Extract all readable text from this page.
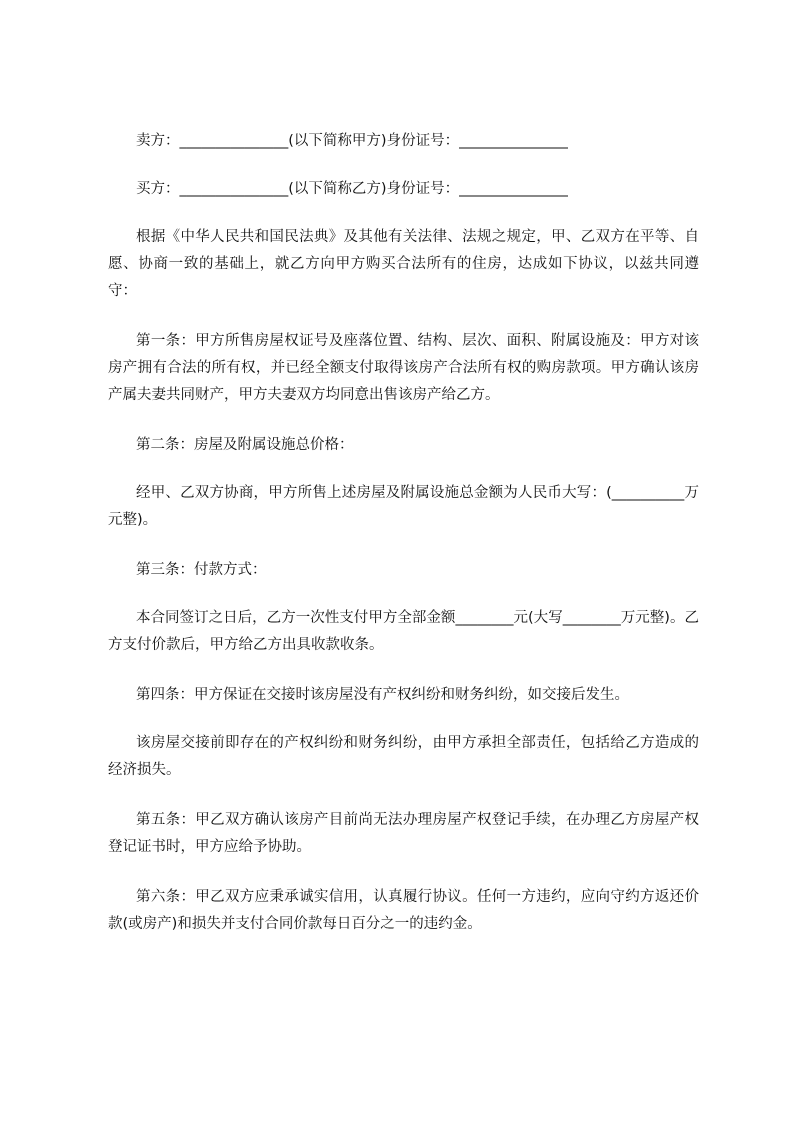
卖方：_______________(以下简称甲方)身份证号：_______________

买方：_______________(以下简称乙方)身份证号：_______________

根据《中华人民共和国民法典》及其他有关法律、法规之规定，甲、乙双方在平等、自愿、协商一致的基础上，就乙方向甲方购买合法所有的住房，达成如下协议，以兹共同遵守：

第一条：甲方所售房屋权证号及座落位置、结构、层次、面积、附属设施及：甲方对该房产拥有合法的所有权，并已经全额支付取得该房产合法所有权的购房款项。甲方确认该房产属夫妻共同财产，甲方夫妻双方均同意出售该房产给乙方。

第二条：房屋及附属设施总价格：

经甲、乙双方协商，甲方所售上述房屋及附属设施总金额为人民币大写：(__________万元整)。

第三条：付款方式：

本合同签订之日后，乙方一次性支付甲方全部金额________元(大写________万元整)。乙方支付价款后，甲方给乙方出具收款收条。

第四条：甲方保证在交接时该房屋没有产权纠纷和财务纠纷，如交接后发生。

该房屋交接前即存在的产权纠纷和财务纠纷，由甲方承担全部责任，包括给乙方造成的经济损失。

第五条：甲乙双方确认该房产目前尚无法办理房屋产权登记手续，在办理乙方房屋产权登记证书时，甲方应给予协助。

第六条：甲乙双方应秉承诚实信用，认真履行协议。任何一方违约，应向守约方返还价款(或房产)和损失并支付合同价款每日百分之一的违约金。
